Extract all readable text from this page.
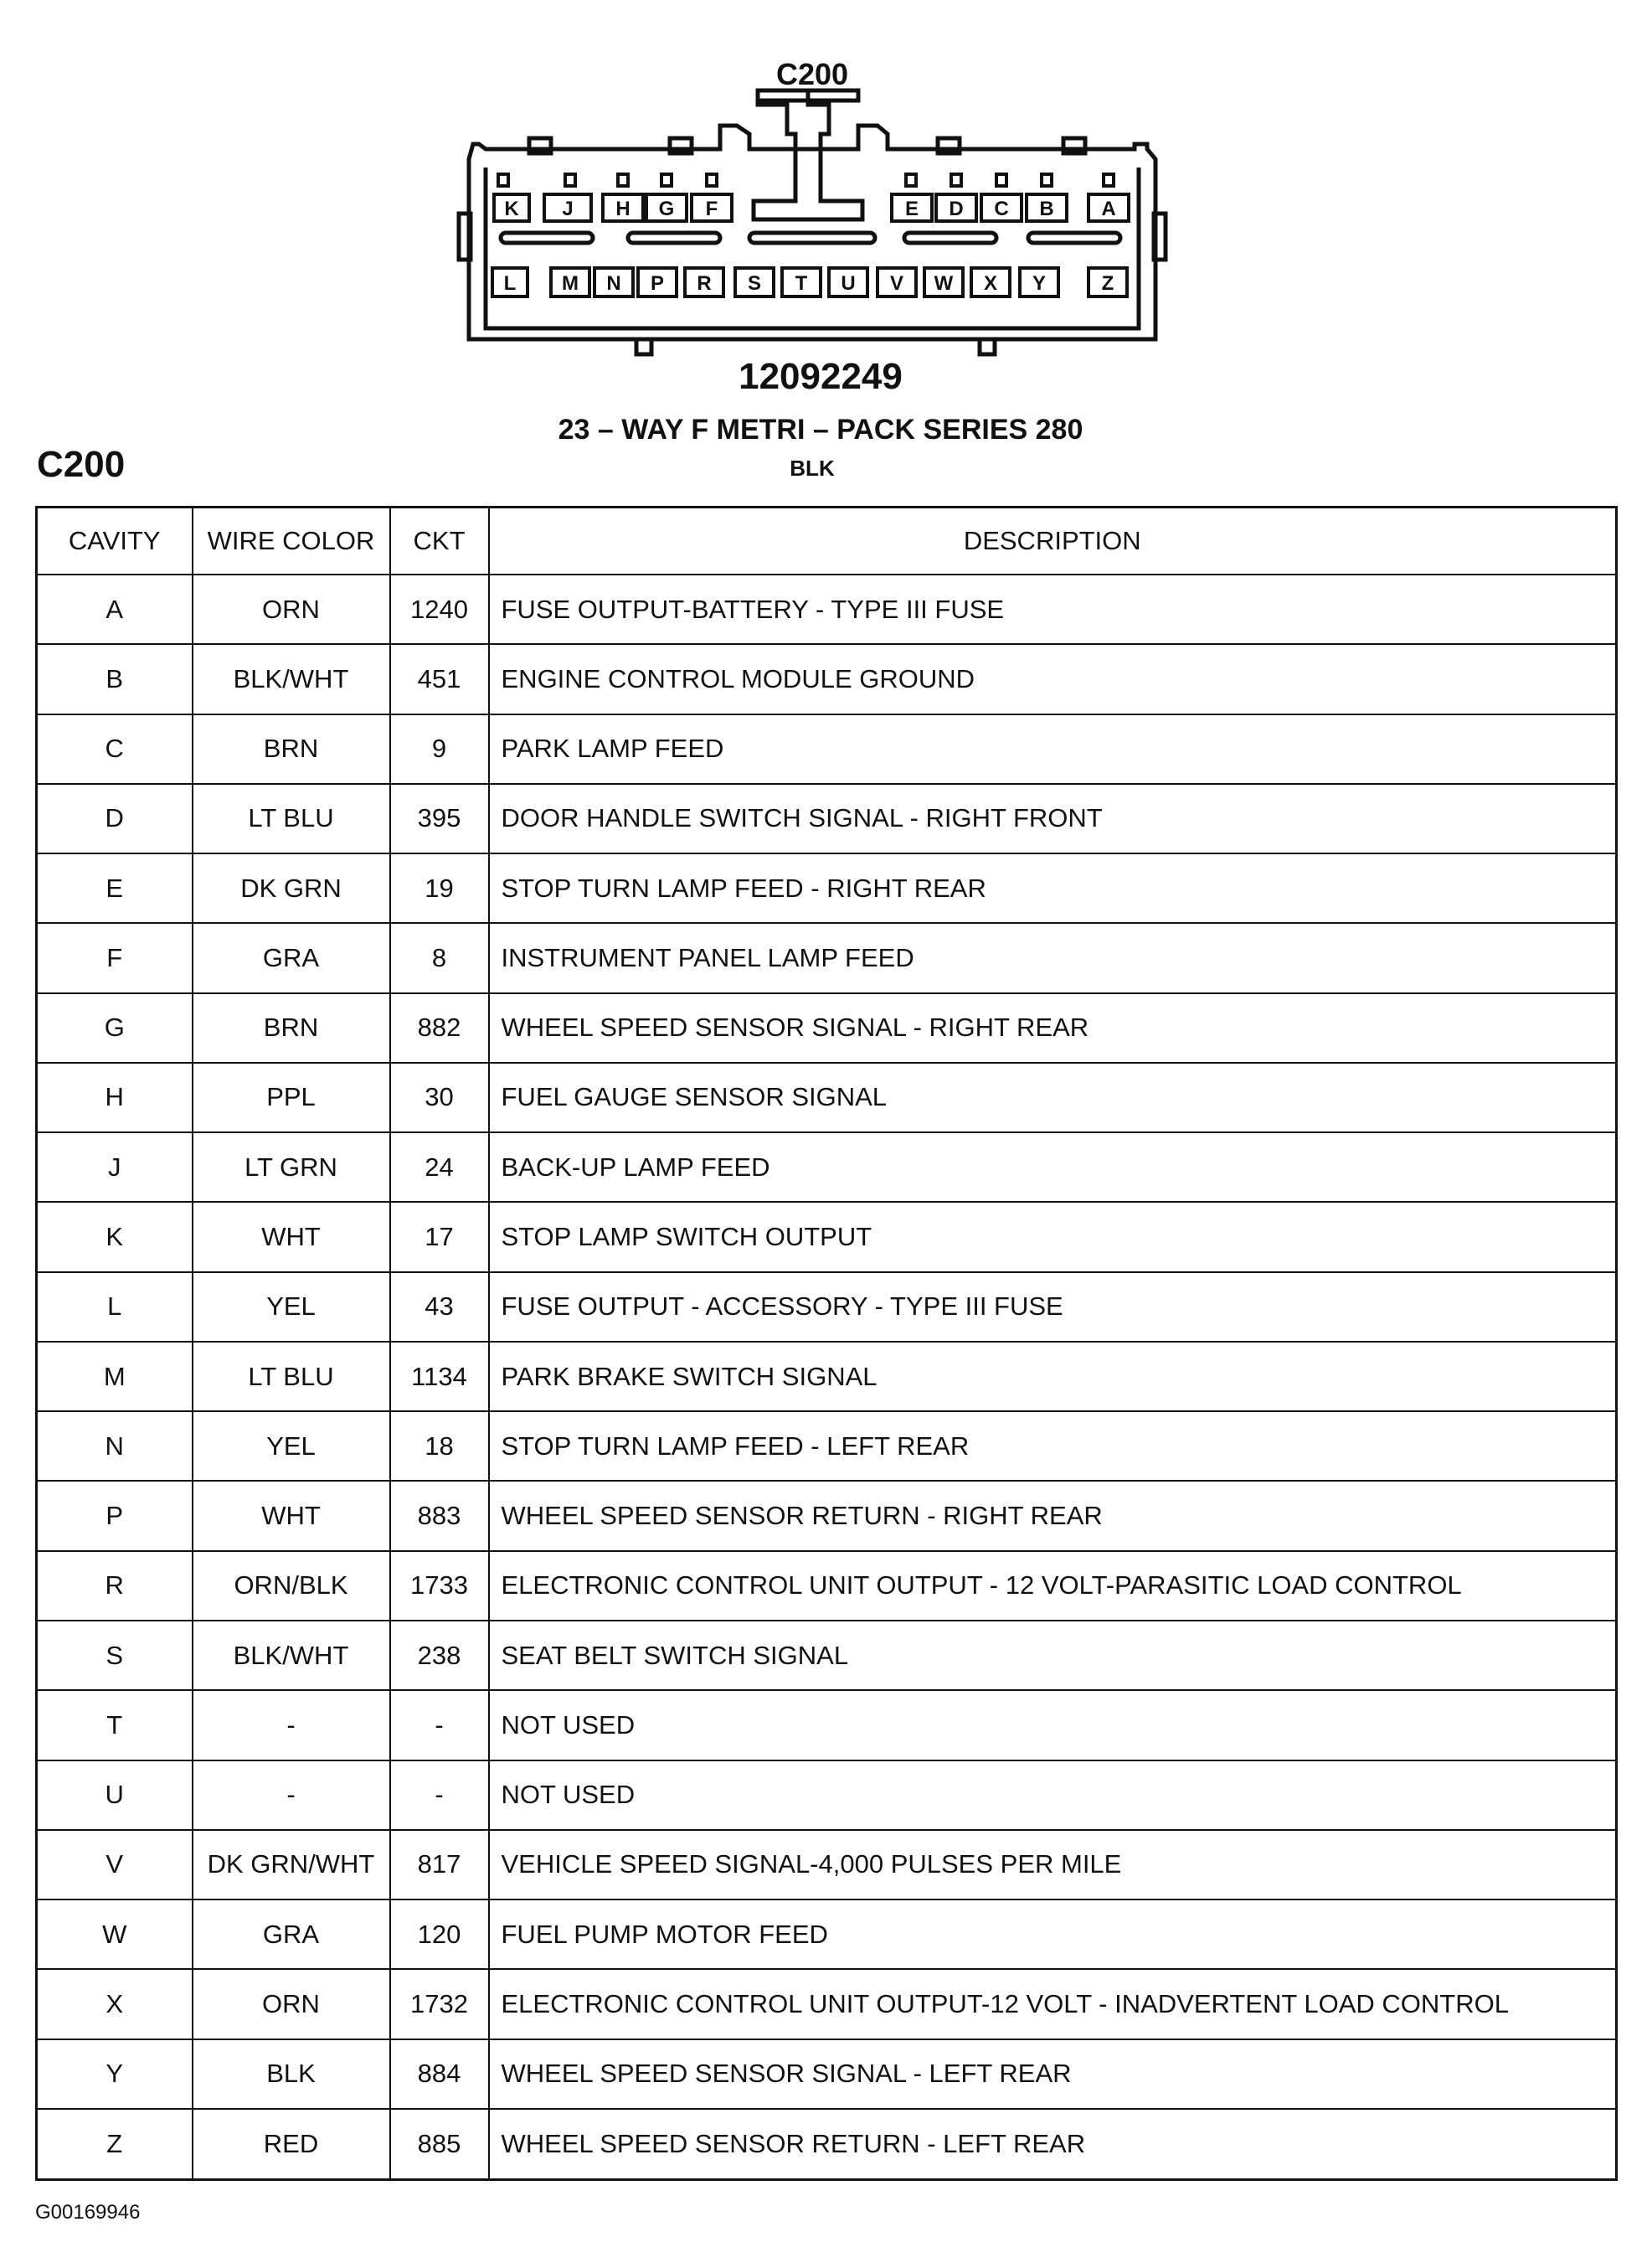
K J H G F	E D C B A
L M N P R S T U V W X Y	Z
C200
12092249
23 – WAY F METRI – PACK SERIES 280
BLK
C200
CAVITY	WIRE COLOR	CKT	DESCRIPTION
A	ORN	1240	FUSE OUTPUT-BATTERY - TYPE III FUSE
B	BLK/WHT	451	ENGINE CONTROL MODULE GROUND
C	BRN	9	PARK LAMP FEED
D	LT BLU	395	DOOR HANDLE SWITCH SIGNAL - RIGHT FRONT
E	DK GRN	19	STOP TURN LAMP FEED - RIGHT REAR
F	GRA	8	INSTRUMENT PANEL LAMP FEED
G	BRN	882	WHEEL SPEED SENSOR SIGNAL - RIGHT REAR
H	PPL	30	FUEL GAUGE SENSOR SIGNAL
J	LT GRN	24	BACK-UP LAMP FEED
K	WHT	17	STOP LAMP SWITCH OUTPUT
L	YEL	43	FUSE OUTPUT - ACCESSORY - TYPE III FUSE
M	LT BLU	1134	PARK BRAKE SWITCH SIGNAL
N	YEL	18	STOP TURN LAMP FEED - LEFT REAR
P	WHT	883	WHEEL SPEED SENSOR RETURN - RIGHT REAR
R	ORN/BLK	1733	ELECTRONIC CONTROL UNIT OUTPUT - 12 VOLT-PARASITIC LOAD CONTROL
S	BLK/WHT	238	SEAT BELT SWITCH SIGNAL
T	-	-	NOT USED
U	-	-	NOT USED
V	DK GRN/WHT	817	VEHICLE SPEED SIGNAL-4,000 PULSES PER MILE
W	GRA	120	FUEL PUMP MOTOR FEED
X	ORN	1732	ELECTRONIC CONTROL UNIT OUTPUT-12 VOLT - INADVERTENT LOAD CONTROL
Y	BLK	884	WHEEL SPEED SENSOR SIGNAL - LEFT REAR
Z	RED	885	WHEEL SPEED SENSOR RETURN - LEFT REAR
G00169946
